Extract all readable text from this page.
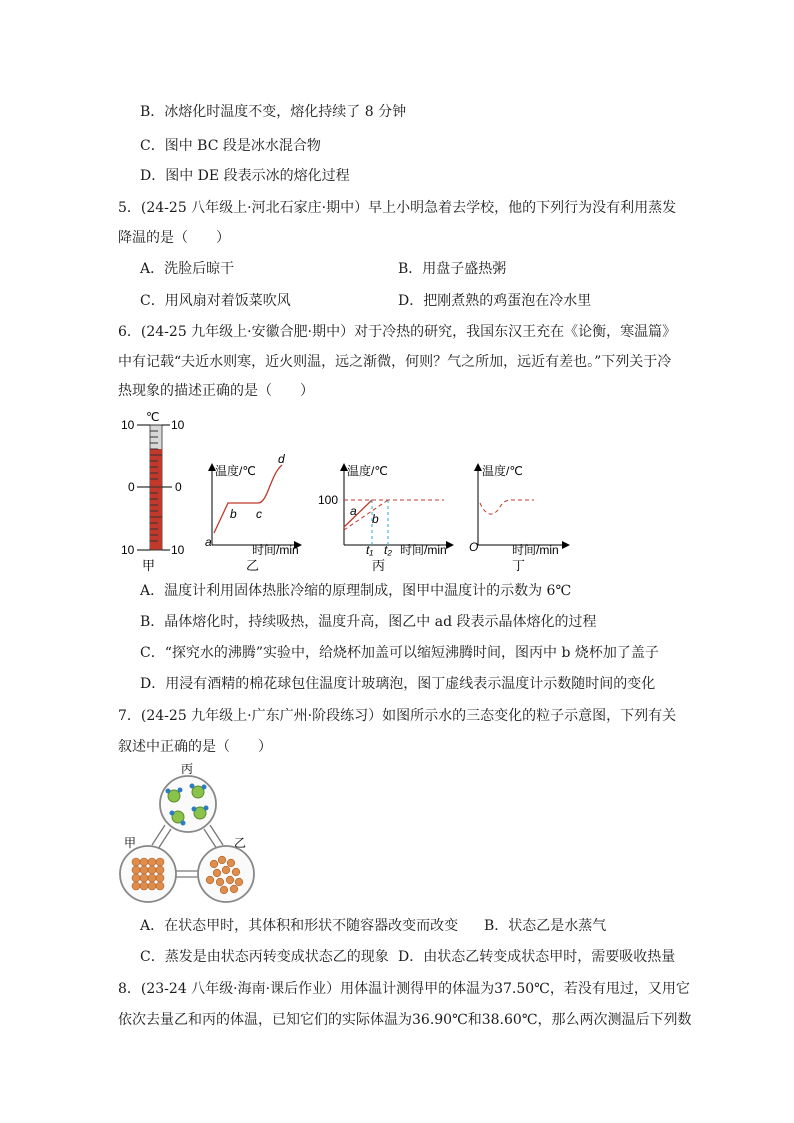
B．冰熔化时温度不变，熔化持续了 8 分钟
C．图中 BC 段是冰水混合物
D．图中 DE 段表示冰的熔化过程
5．(24-25 八年级上·河北石家庄·期中）早上小明急着去学校，他的下列行为没有利用蒸发
降温的是（　　）
A．洗脸后晾干	B．用盘子盛热粥
C．用风扇对着饭菜吹风	D．把刚煮熟的鸡蛋泡在冷水里
6．(24-25 九年级上·安徽合肥·期中）对于冷热的研究，我国东汉王充在《论衡，寒温篇》
中有记载“夫近水则寒，近火则温，远之渐微，何则？气之所加，远近有差也。”下列关于冷
热现象的描述正确的是（　　）
℃
10	10
0	0
10	10
甲
温度/℃
时间/min
a
b c
d
乙
温度/℃
时间/min
100
a
b
t₁ t₂
丙
温度/℃
时间/min
O
丁
A．温度计利用固体热胀冷缩的原理制成，图甲中温度计的示数为 6℃
B．晶体熔化时，持续吸热，温度升高，图乙中 ad 段表示晶体熔化的过程
C．“探究水的沸腾”实验中，给烧杯加盖可以缩短沸腾时间，图丙中 b 烧杯加了盖子
D．用浸有酒精的棉花球包住温度计玻璃泡，图丁虚线表示温度计示数随时间的变化
7．(24-25 九年级上·广东广州·阶段练习）如图所示水的三态变化的粒子示意图，下列有关
叙述中正确的是（　　）
丙
甲	乙
A．在状态甲时，其体积和形状不随容器改变而改变 B．状态乙是水蒸气
C．蒸发是由状态丙转变成状态乙的现象 D．由状态乙转变成状态甲时，需要吸收热量
8．(23-24 八年级·海南·课后作业）用体温计测得甲的体温为37.50℃，若没有甩过，又用它
依次去量乙和丙的体温，已知它们的实际体温为36.90℃和38.60℃，那么两次测温后下列数
